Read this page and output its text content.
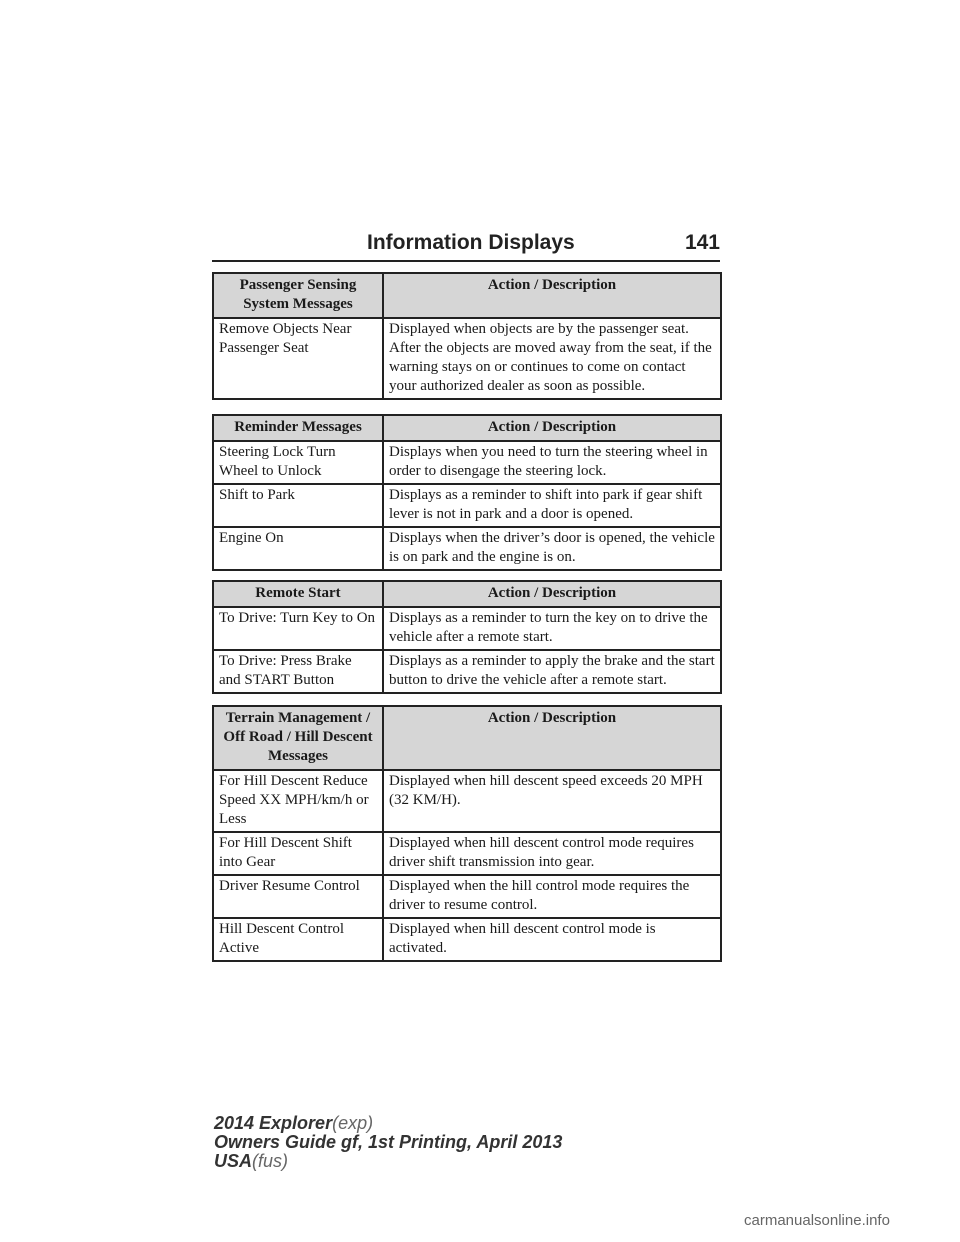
Information Displays	141
Passenger Sensing System Messages	Action / Description
Remove Objects Near Passenger Seat	Displayed when objects are by the passenger seat. After the objects are moved away from the seat, if the warning stays on or continues to come on contact your authorized dealer as soon as possible.
Reminder Messages	Action / Description
Steering Lock Turn Wheel to Unlock	Displays when you need to turn the steering wheel in order to disengage the steering lock.
Shift to Park	Displays as a reminder to shift into park if gear shift lever is not in park and a door is opened.
Engine On	Displays when the driver’s door is opened, the vehicle is on park and the engine is on.
Remote Start	Action / Description
To Drive: Turn Key to On	Displays as a reminder to turn the key on to drive the vehicle after a remote start.
To Drive: Press Brake and START Button	Displays as a reminder to apply the brake and the start button to drive the vehicle after a remote start.
Terrain Management / Off Road / Hill Descent Messages	Action / Description
For Hill Descent Reduce Speed XX MPH/km/h or Less	Displayed when hill descent speed exceeds 20 MPH (32 KM/H).
For Hill Descent Shift into Gear	Displayed when hill descent control mode requires driver shift transmission into gear.
Driver Resume Control	Displayed when the hill control mode requires the driver to resume control.
Hill Descent Control Active	Displayed when hill descent control mode is activated.
2014 Explorer(exp)
Owners Guide gf, 1st Printing, April 2013
USA(fus)
carmanualsonline.info
